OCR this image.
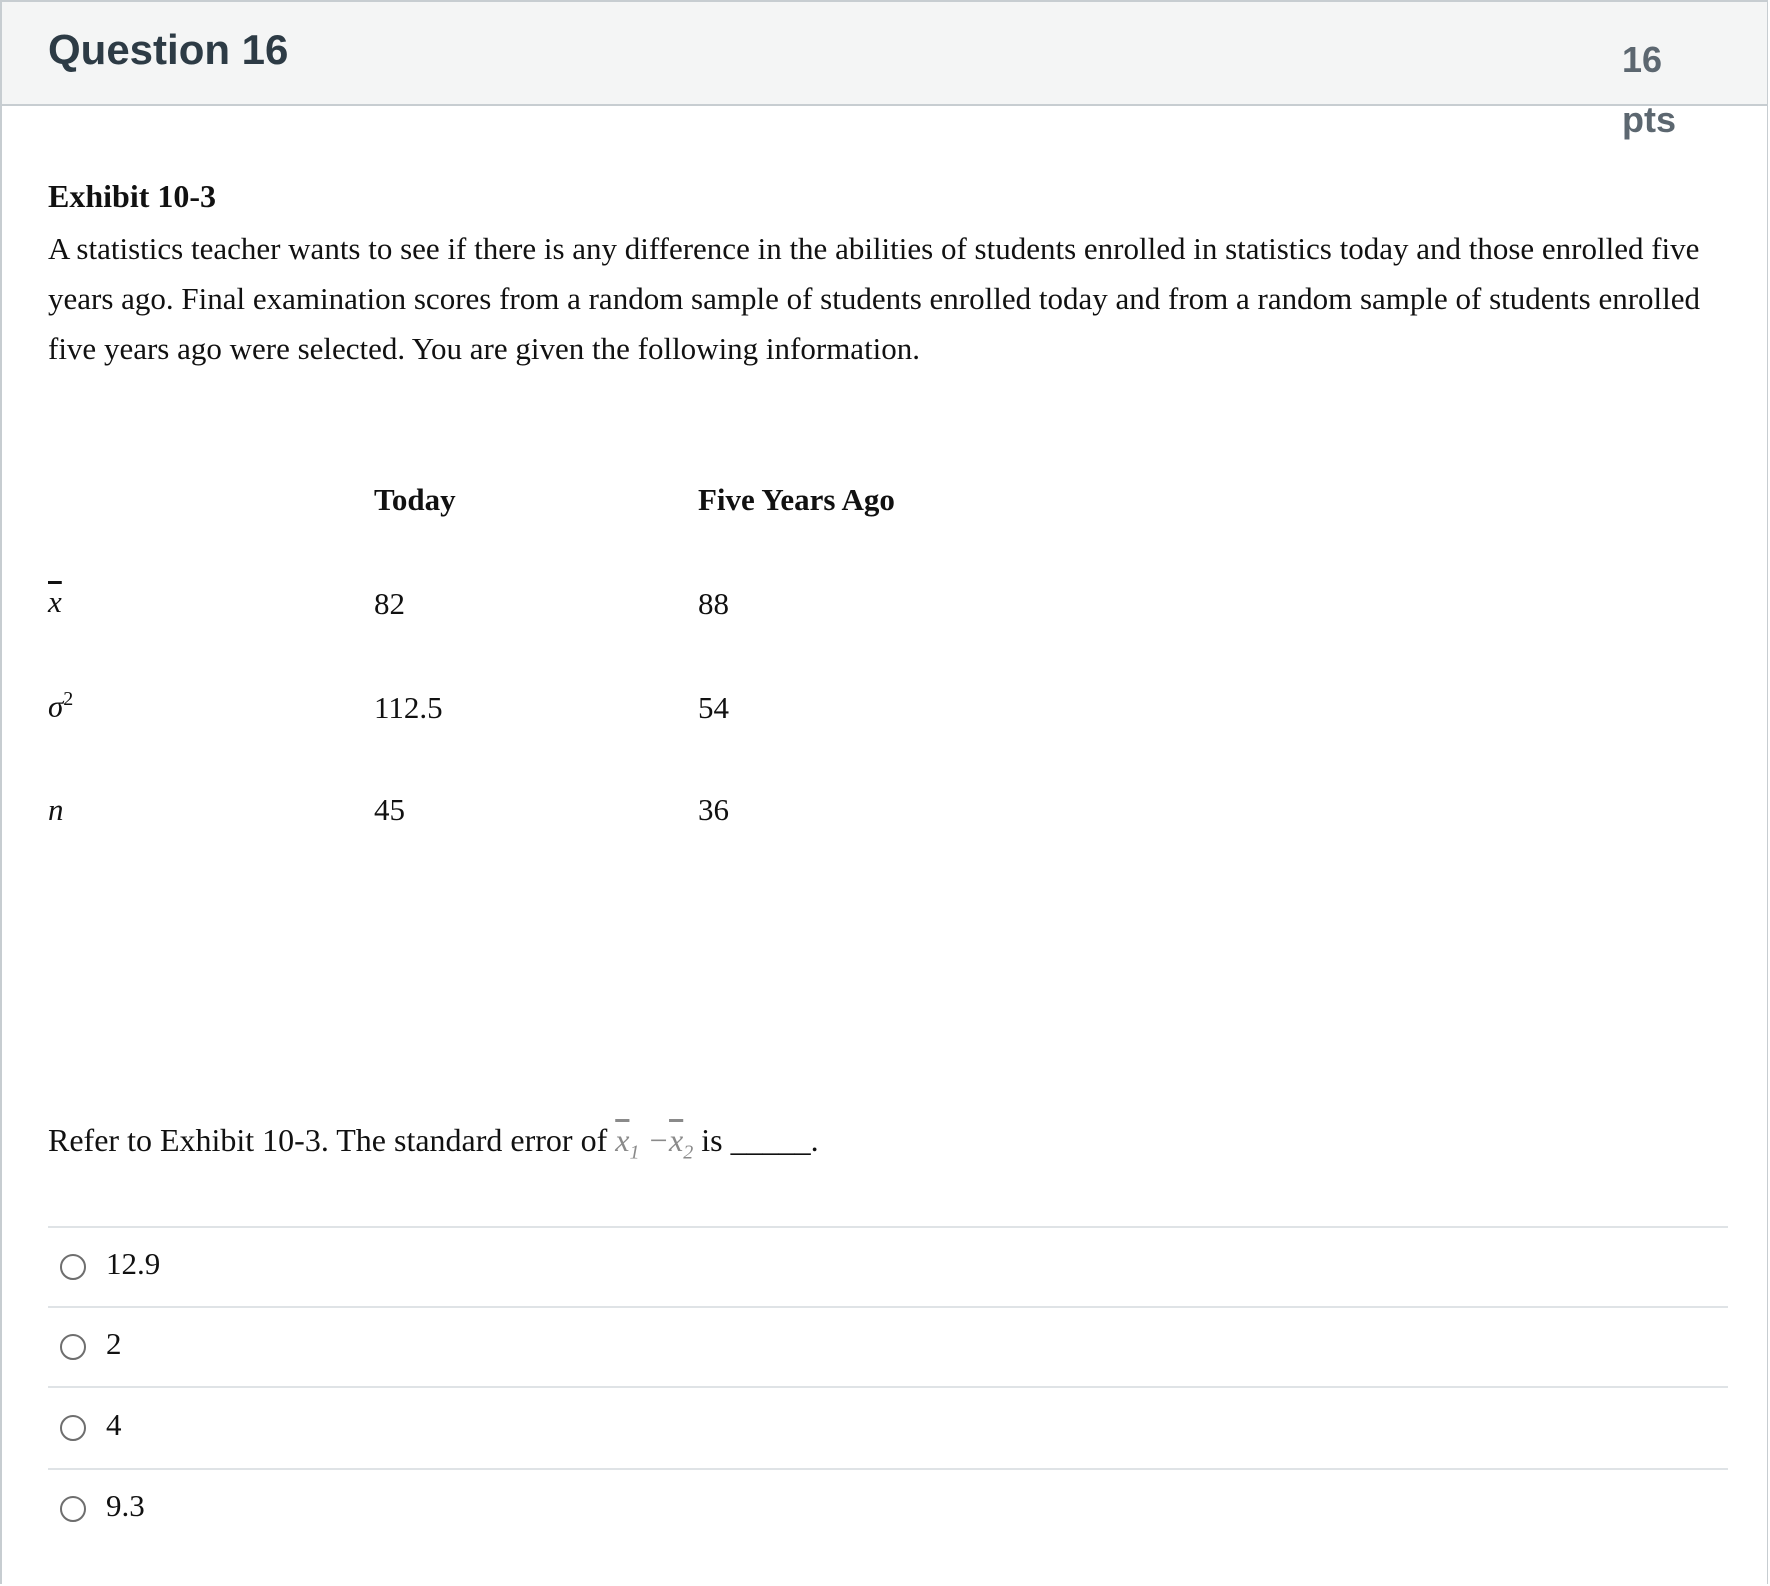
Question 16	16 pts
Exhibit 10-3
A statistics teacher wants to see if there is any difference in the abilities of students enrolled in statistics today and those enrolled five years ago. Final examination scores from a random sample of students enrolled today and from a random sample of students enrolled five years ago were selected. You are given the following information.
Today	Five Years Ago
$\overline{x}$	82	88
$\sigma^2$	112.5	54
n	45	36
Refer to Exhibit 10-3. The standard error of $\overline{x}_1 -\overline{x}_2$ is _____.
12.9
2
4
9.3
